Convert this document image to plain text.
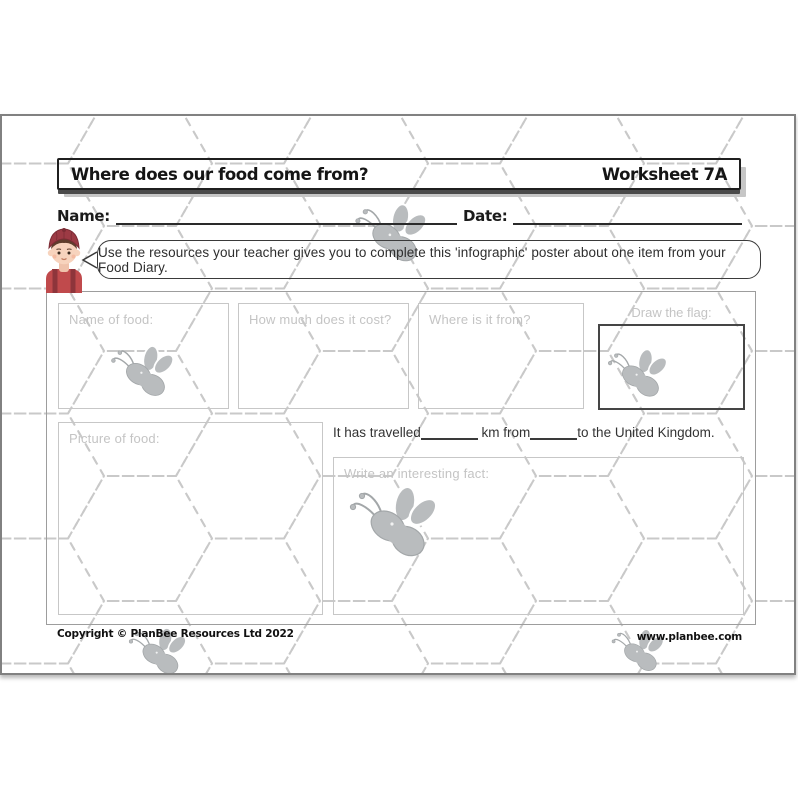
Where does our food come from?	Worksheet 7A
Name:	Date:
Use the resources your teacher gives you to complete this 'infographic' poster about one item from your Food Diary.
Name of food:	How much does it cost?	Where is it from?	Draw the flag:
Picture of food:	It has travelled	km from	to the United Kingdom.
Write an interesting fact:
Copyright © PlanBee Resources Ltd 2022	www.planbee.com
